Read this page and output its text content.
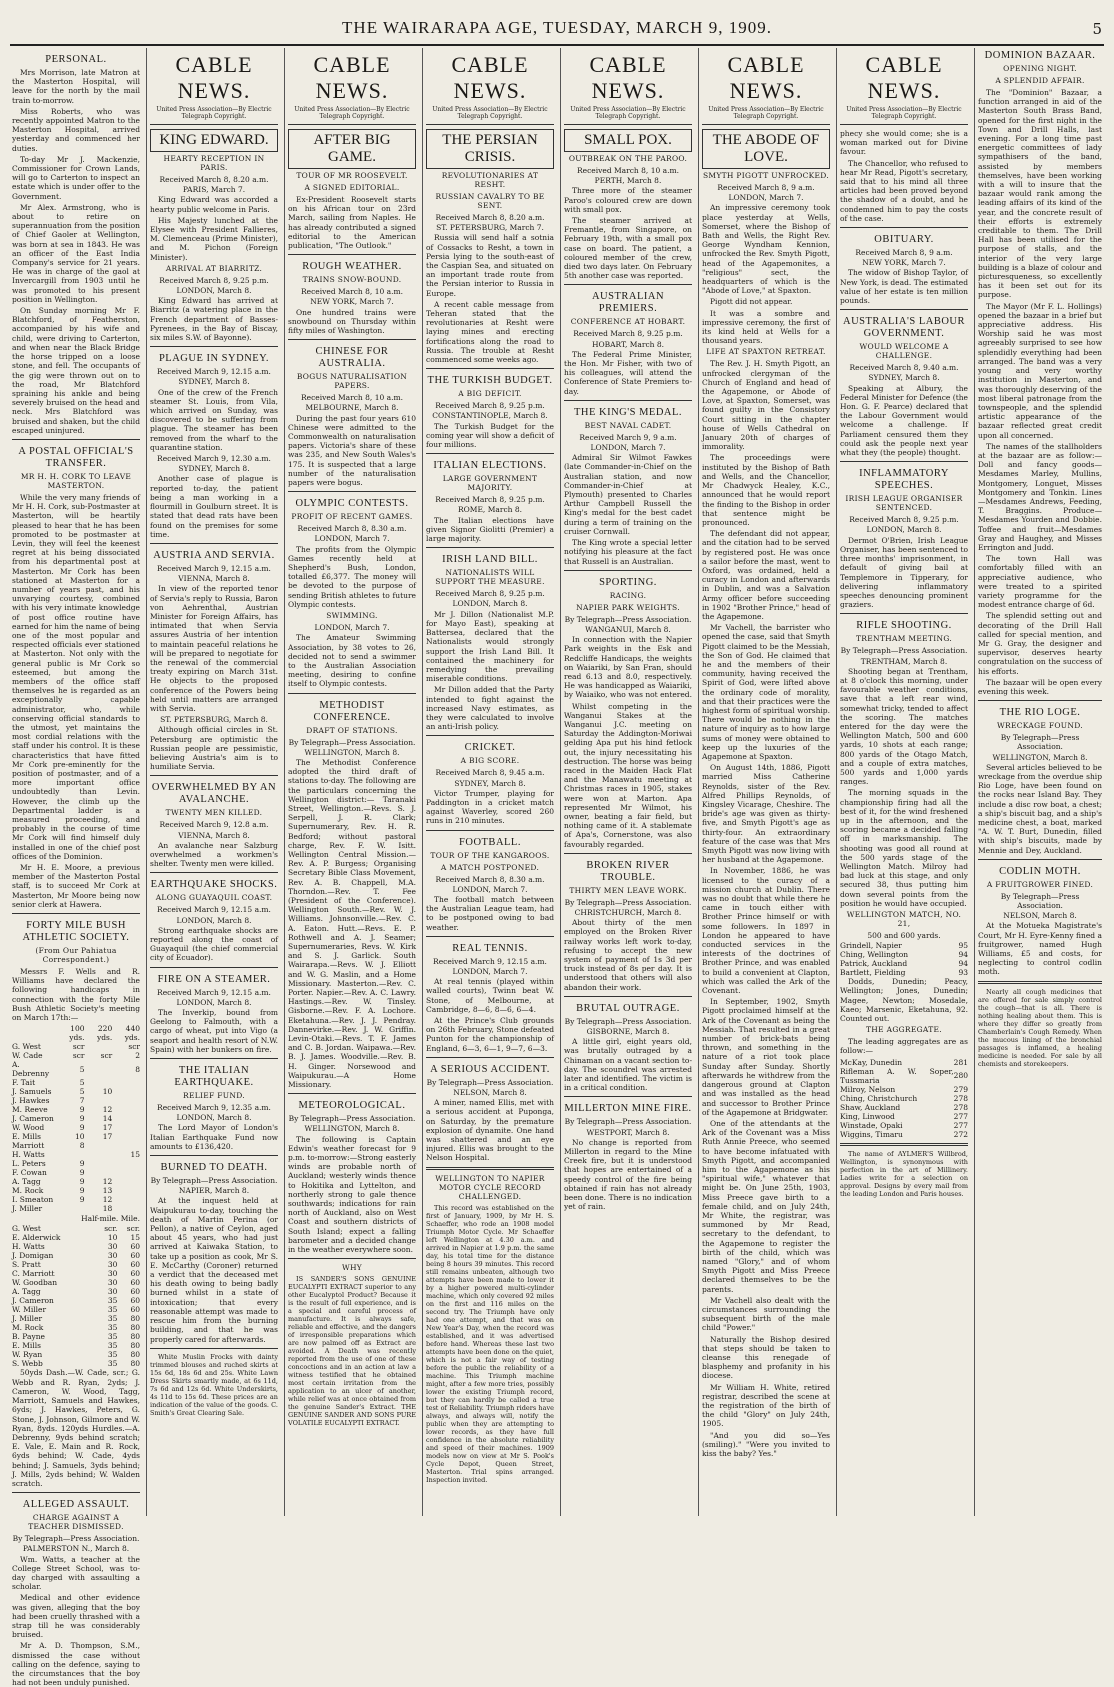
THE WAIRARAPA AGE, TUESDAY, MARCH 9, 1909.	5
PERSONAL.

Mrs Morrison, late Matron at the Masterton Hospital, will leave for the north by the mail train to-morrow.

Miss Roberts, who was recently appointed Matron to the Masterton Hospital, arrived yesterday and commenced her duties.

To-day Mr J. Mackenzie, Commissioner for Crown Lands, will go to Carterton to inspect an estate which is under offer to the Government.

Mr Alex. Armstrong, who is about to retire on superannuation from the position of Chief Gaoler at Wellington, was born at sea in 1843. He was an officer of the East India Company's service for 21 years. He was in charge of the gaol at Invercargill from 1903 until he was promoted to his present position in Wellington.

On Sunday morning Mr F. Blatchford, of Featherston, accompanied by his wife and child, were driving to Carterton, and when near the Black Bridge the horse tripped on a loose stone, and fell. The occupants of the gig were thrown out on to the road, Mr Blatchford spraining his ankle and being severely bruised on the head and neck. Mrs Blatchford was bruised and shaken, but the child escaped uninjured.

A POSTAL OFFICIAL'S TRANSFER.
MR H. H. CORK TO LEAVE MASTERTON.

While the very many friends of Mr H. H. Cork, sub-Postmaster at Masterton, will be heartily pleased to hear that he has been promoted to be postmaster at Levin, they will feel the keenest regret at his being dissociated from his departmental post at Masterton. Mr Cork has been stationed at Masterton for a number of years past, and his unvarying courtesy, combined with his very intimate knowledge of post office routine have earned for him the name of being one of the most popular and respected officials ever stationed at Masterton. Not only with the general public is Mr Cork so esteemed, but among the members of the office staff themselves he is regarded as an exceptionally capable administrator, who, while conserving official standards to the utmost, yet maintains the most cordial relations with the staff under his control. It is these characteristics that have fitted Mr Cork pre-eminently for the position of postmaster, and of a more important office undoubtedly than Levin. However, the climb up the Departmental ladder is a measured proceeding, and probably in the course of time Mr Cork will find himself duly installed in one of the chief post offices of the Dominion.

Mr H. E. Moore, a previous member of the Masterton Postal staff, is to succeed Mr Cork at Masterton, Mr Moore being now senior clerk at Hawera.

FORTY MILE BUSH ATHLETIC SOCIETY.
(From Our Pahiatua Correspondent.)

Messrs F. Wells and R. Williams have declared the following handicaps in connection with the forty Mile Bush Athletic Society's meeting on March 17th:—

	100 yds.	220 yds.	440 yds.
G. West	scr		scr
W. Cade	scr	scr	2
A. Debrenny	5		8
F. Tait	5		
J. Samuels	5	10	
J. Hawkes	7		
M. Reeve	9	12	
J. Cameron	9	14	
W. Wood	9	17	
E. Mills	10	17	
Marriott	8		
H. Watts			15
L. Peters	9		
F. Cowan	9		
A. Tagg	9	12	
M. Rock	9	13	
I. Smeaton	9	12	
J. Miller		18	
Half-mile. Mile.
G. West	scr.	scr.
E. Alderwick	10	15
H. Watts	30	60
J. Domigan	30	60
S. Pratt	30	60
C. Marriott	30	60
W. Goodban	30	60
A. Tagg	30	60
J. Cameron	35	60
W. Miller	35	60
J. Miller	35	80
M. Rock	35	80
B. Payne	35	80
E. Mills	35	80
W. Ryan	35	80
S. Webb	35	80

50yds Dash.—W. Cade, scr.; G. Webb and R. Ryan, 2yds; J. Cameron, W. Wood, Tagg, Marriott, Samuels and Hawkes, 6yds; J. Hawkes, Peters, G. Stone, J. Johnson, Gilmore and W. Ryan, 8yds. 120yds Hurdles.—A. Debrenny, 9yds behind scratch; E. Vale, E. Main and R. Rock, 6yds behind; W. Cade, 4yds behind; J. Samuels, 3yds behind; J. Mills, 2yds behind; W. Walden scratch.

ALLEGED ASSAULT.
CHARGE AGAINST A TEACHER DISMISSED.
By Telegraph—Press Association.
PALMERSTON N., March 8.

Wm. Watts, a teacher at the College Street School, was to-day charged with assaulting a scholar.

Medical and other evidence was given, alleging that the boy had been cruelly thrashed with a strap till he was considerably bruised.

Mr A. D. Thompson, S.M., dismissed the case without calling on the defence, saying to the circumstances that the boy had not been unduly punished.

CABLE NEWS.
United Press Association—By Electric Telegraph Copyright.
KING EDWARD.
HEARTY RECEPTION IN PARIS.
Received March 8, 8.20 a.m.
PARIS, March 7.

King Edward was accorded a hearty public welcome in Paris.

His Majesty lunched at the Elysee with President Fallieres, M. Clemenceau (Prime Minister), and M. Pichon (Foreign Minister).

ARRIVAL AT BIARRITZ.
Received March 8, 9.25 p.m.
LONDON, March 8.

King Edward has arrived at Biarritz (a watering place in the French department of Basses-Pyrenees, in the Bay of Biscay, six miles S.W. of Bayonne).

PLAGUE IN SYDNEY.
Received March 9, 12.15 a.m.
SYDNEY, March 8.

One of the crew of the French steamer St. Louis, from Vila, which arrived on Sunday, was discovered to be suffering from plague. The steamer has been removed from the wharf to the quarantine station.

Received March 9, 12.30 a.m.
SYDNEY, March 8.

Another case of plague is reported to-day, the patient being a man working in a flourmill in Goulburn street. It is stated that dead rats have been found on the premises for some time.

AUSTRIA AND SERVIA.
Received March 9, 12.15 a.m.
VIENNA, March 8.

In view of the reported tenor of Servia's reply to Russia, Baron von Aehrenthal, Austrian Minister for Foreign Affairs, has intimated that when Servia assures Austria of her intention to maintain peaceful relations he will be prepared to negotiate for the renewal of the commercial treaty expiring on March 31st. He objects to the proposed conference of the Powers being held until matters are arranged with Servia.

ST. PETERSBURG, March 8.

Although official circles in St. Petersburg are optimistic the Russian people are pessimistic, believing Austria's aim is to humiliate Servia.

OVERWHELMED BY AN AVALANCHE.
TWENTY MEN KILLED.
Received March 9, 12.8 a.m.
VIENNA, March 8.

An avalanche near Salzburg overwhelmed a workmen's shelter. Twenty men were killed.

EARTHQUAKE SHOCKS.
ALONG GUAYAQUIL COAST.
Received March 9, 12.15 a.m.
LONDON, March 8.

Strong earthquake shocks are reported along the coast of Guayaquil (the chief commercial city of Ecuador).

FIRE ON A STEAMER.
Received March 9, 12.15 a.m.
LONDON, March 8.

The Inverkip, bound from Geelong to Falmouth, with a cargo of wheat, put into Vigo (a seaport and health resort of N.W. Spain) with her bunkers on fire.

THE ITALIAN EARTHQUAKE.
RELIEF FUND.
Received March 9, 12.35 a.m.
LONDON, March 8.

The Lord Mayor of London's Italian Earthquake Fund now amounts to £136,420.

BURNED TO DEATH.
By Telegraph—Press Association.
NAPIER, March 8.

At the inquest held at Waipukurau to-day, touching the death of Martin Perina (or Pellon), a native of Ceylon, aged about 45 years, who had just arrived at Kaiwaka Station, to take up a position as cook, Mr S. E. McCarthy (Coroner) returned a verdict that the deceased met his death owing to being badly burned whilst in a state of intoxication; that every reasonable attempt was made to rescue him from the burning building, and that he was properly cared for afterwards.

White Muslin Frocks with dainty trimmed blouses and ruched skirts at 15s 6d, 18s 6d and 25s. White Lawn Dress Skirts smartly made, at 6s 11d, 7s 6d and 12s 6d. White Underskirts, 4s 11d to 15s 6d. These prices are an indication of the value of the goods. C. Smith's Great Clearing Sale.

CABLE NEWS.
United Press Association—By Electric Telegraph Copyright.
AFTER BIG GAME.
TOUR OF MR ROOSEVELT.
A SIGNED EDITORIAL.

Ex-President Roosevelt starts on his African tour on 23rd March, sailing from Naples. He has already contributed a signed editorial to the American publication, "The Outlook."

ROUGH WEATHER.
TRAINS SNOW-BOUND.
Received March 8, 10 a.m.
NEW YORK, March 7.

One hundred trains were snowbound on Thursday within fifty miles of Washington.

CHINESE FOR AUSTRALIA.
BOGUS NATURALISATION PAPERS.
Received March 8, 10 a.m.
MELBOURNE, March 8.

During the past four years 610 Chinese were admitted to the Commonwealth on naturalisation papers. Victoria's share of these was 235, and New South Wales's 175. It is suspected that a large number of the naturalisation papers were bogus.

OLYMPIC CONTESTS.
PROFIT OF RECENT GAMES.
Received March 8, 8.30 a.m.
LONDON, March 7.

The profits from the Olympic Games recently held at Shepherd's Bush, London, totalled £6,377. The money will be devoted to the purpose of sending British athletes to future Olympic contests.

SWIMMING.
LONDON, March 7.

The Amateur Swimming Association, by 38 votes to 26, decided not to send a swimmer to the Australian Association meeting, desiring to confine itself to Olympic contests.

METHODIST CONFERENCE.
DRAFT OF STATIONS.
By Telegraph—Press Association.
WELLINGTON, March 8.

The Methodist Conference adopted the third draft of stations to-day. The following are the particulars concerning the Wellington district:— Taranaki Street, Wellington.—Revs. S. J. Serpell, J. R. Clark; Supernumerary, Rev. H. R. Bedford; without pastoral charge, Rev. F. W. Isitt. Wellington Central Mission.—Rev. A. P. Burgess; Organising Secretary Bible Class Movement, Rev. A. B. Chappell, M.A. Thorndon.—Rev. T. Fee (President of the Conference). Wellington South.—Rev. W. J. Williams. Johnsonville.—Rev. C. A. Eaton. Hutt.—Revs. E. P. Rothwell and A. J. Seamer; Supernumeraries, Revs. W. Kirk and S. J. Garlick. South Wairarapa.—Revs. W. J. Elliott and W. G. Maslin, and a Home Missionary. Masterton.—Rev. C. Porter. Napier.—Rev. A. C. Lawry. Hastings.—Rev. W. Tinsley. Gisborne.—Rev. F. A. Lochore. Eketahuna.—Rev. J. J. Pendray. Dannevirke.—Rev. J. W. Griffin. Levin-Otaki.—Revs. T. F. James and C. B. Jordan. Waipawa.—Rev. B. J. James. Woodville.—Rev. B. H. Ginger. Norsewood and Waipukurau.—A Home Missionary.

METEOROLOGICAL.
By Telegraph—Press Association.
WELLINGTON, March 8.

The following is Captain Edwin's weather forecast for 9 p.m. to-morrow:—Strong easterly winds are probable north of Auckland; westerly winds thence to Hokitika and Lyttelton, and northerly strong to gale thence southwards; indications for rain north of Auckland, also on West Coast and southern districts of South Island; expect a falling barometer and a decided change in the weather everywhere soon.

WHY

IS SANDER'S SONS GENUINE EUCALYPTI EXTRACT superior to any other Eucalyptol Product? Because it is the result of full experience, and is a special and careful process of manufacture. It is always safe, reliable and effective, and the dangers of irresponsible preparations which are now palmed off as Extract are avoided. A Death was recently reported from the use of one of these concoctions and in an action at law a witness testified that he obtained most certain irritation from the application to an ulcer of another, while relief was at once obtained from the genuine Sander's Extract. THE GENUINE SANDER AND SONS PURE VOLATILE EUCALYPTI EXTRACT.

CABLE NEWS.
United Press Association—By Electric Telegraph Copyright.
THE PERSIAN CRISIS.
REVOLUTIONARIES AT RESHT.
RUSSIAN CAVALRY TO BE SENT.
Received March 8, 8.20 a.m.
ST. PETERSBURG, March 7.

Russia will send half a sotnia of Cossacks to Resht, a town in Persia lying to the south-east of the Caspian Sea, and situated on an important trade route from the Persian interior to Russia in Europe.

A recent cable message from Teheran stated that the revolutionaries at Resht were laying mines and erecting fortifications along the road to Russia. The trouble at Resht commenced some weeks ago.

THE TURKISH BUDGET.
A BIG DEFICIT.
Received March 8, 9.25 p.m.
CONSTANTINOPLE, March 8.

The Turkish Budget for the coming year will show a deficit of four millions.

ITALIAN ELECTIONS.
LARGE GOVERNMENT MAJORITY.
Received March 8, 9.25 p.m.
ROME, March 8.

The Italian elections have given Signor Giolitti (Premier) a large majority.

IRISH LAND BILL.
NATIONALISTS WILL SUPPORT THE MEASURE.
Received March 8, 9.25 p.m.
LONDON, March 8.

Mr J. Dillon (Nationalist M.P. for Mayo East), speaking at Battersea, declared that the Nationalists would strongly support the Irish Land Bill. It contained the machinery for remedying the prevailing miserable conditions.

Mr Dillon added that the Party intended to fight against the increased Navy estimates, as they were calculated to involve an anti-Irish policy.

CRICKET.
A BIG SCORE.
Received March 8, 9.45 a.m.
SYDNEY, March 8.

Victor Trumper, playing for Paddington in a cricket match against Waverley, scored 260 runs in 210 minutes.

FOOTBALL.
TOUR OF THE KANGAROOS.
A MATCH POSTPONED.
Received March 8, 8.30 a.m.
LONDON, March 7.

The football match between the Australian League team, had to be postponed owing to bad weather.

REAL TENNIS.
Received March 9, 12.15 a.m.
LONDON, March 7.

At real tennis (played within walled courts), Twinn beat W. Stone, of Melbourne, at Cambridge, 8—6, 8—6, 6—4.

At the Prince's Club grounds on 26th February, Stone defeated Punton for the championship of England, 6—3, 6—1, 9—7, 6—3.

A SERIOUS ACCIDENT.
By Telegraph—Press Association.
NELSON, March 8.

A miner, named Ellis, met with a serious accident at Puponga, on Saturday, by the premature explosion of dynamite. One hand was shattered and an eye injured. Ellis was brought to the Nelson Hospital.

WELLINGTON TO NAPIER MOTOR CYCLE RECORD CHALLENGED.

This record was established on the first of January, 1909, by Mr H. S. Schaeffer, who rode an 1908 model Triumph Motor Cycle. Mr Schaeffer left Wellington at 4.30 a.m. and arrived in Napier at 1.9 p.m. the same day, his total time for the distance being 8 hours 39 minutes. This record still remains unbeaten, although two attempts have been made to lower it by a higher powered multi-cylinder machine, which only covered 92 miles on the first and 116 miles on the second try. The Triumph have only had one attempt, and that was on New Year's Day, when the record was established, and it was advertised before hand. Whereas these last two attempts have been done on the quiet, which is not a fair way of testing before the public the reliability of a machine. This Triumph machine might, after a few more tries, possibly lower the existing Triumph record, but they can hardly be called a true test of Reliability. Triumph riders have always, and always will, notify the public when they are attempting to lower records, as they have full confidence in the absolute reliability and speed of their machines. 1909 models now on view at Mr S. Pook's Cycle Depot, Queen Street, Masterton. Trial spins arranged. Inspection invited.

CABLE NEWS.
United Press Association—By Electric Telegraph Copyright.
SMALL POX.
OUTBREAK ON THE PAROO.
Received March 8, 10 a.m.
PERTH, March 8.

Three more of the steamer Paroo's coloured crew are down with small pox.

The steamer arrived at Fremantle, from Singapore, on February 19th, with a small pox case on board. The patient, a coloured member of the crew, died two days later. On February 5th another case was reported.

AUSTRALIAN PREMIERS.
CONFERENCE AT HOBART.
Received March 8, 9.25 p.m.
HOBART, March 8.

The Federal Prime Minister, the Hon. Mr Fisher, with two of his colleagues, will attend the Conference of State Premiers to-day.

THE KING'S MEDAL.
BEST NAVAL CADET.
Received March 9, 9 a.m.
LONDON, March 7.

Admiral Sir Wilmot Fawkes (late Commander-in-Chief on the Australian station, and now Commander-in-Chief at Plymouth) presented to Charles Arthur Campbell Russell the King's medal for the best cadet during a term of training on the cruiser Cornwall.

The King wrote a special letter notifying his pleasure at the fact that Russell is an Australian.

SPORTING.
RACING.
NAPIER PARK WEIGHTS.
By Telegraph—Press Association.
WANGANUI, March 8.

In connection with the Napier Park weights in the Esk and Redcliffe Handicaps, the weights on Waiariki, by San Fran, should read 6.13 and 8.0, respectively. He was handicapped as Waiariki, by Waiaiko, who was not entered.

Whilst competing in the Wanganui Stakes at the Wanganui J.C. meeting on Saturday the Addington-Moriwai gelding Apa put his hind fetlock out, the injury necessitating his destruction. The horse was being raced in the Maiden Hack Flat and the Manawatu meeting at Christmas races in 1905, stakes were won at Marton. Apa represented Mr Wilmot, his owner, beating a fair field, but nothing came of it. A stablemate of Apa's, Cornerstone, was also favourably regarded.

BROKEN RIVER TROUBLE.
THIRTY MEN LEAVE WORK.
By Telegraph—Press Association.
CHRISTCHURCH, March 8.

About thirty of the men employed on the Broken River railway works left work to-day, refusing to accept the new system of payment of 1s 3d per truck instead of 8s per day. It is understood that others will also abandon their work.

BRUTAL OUTRAGE.
By Telegraph—Press Association.
GISBORNE, March 8.

A little girl, eight years old, was brutally outraged by a Chinaman on a vacant section to-day. The scoundrel was arrested later and identified. The victim is in a critical condition.

MILLERTON MINE FIRE.
By Telegraph—Press Association.
WESTPORT, March 8.

No change is reported from Millerton in regard to the Mine Creek fire, but it is understood that hopes are entertained of a speedy control of the fire being obtained if rain has not already been done. There is no indication yet of rain.

CABLE NEWS.
United Press Association—By Electric Telegraph Copyright.
THE ABODE OF LOVE.
SMYTH PIGOTT UNFROCKED.
Received March 8, 9 a.m.
LONDON, March 7.

An impressive ceremony took place yesterday at Wells, Somerset, where the Bishop of Bath and Wells, the Right Rev. George Wyndham Kennion, unfrocked the Rev. Smyth Pigott, head of the Agapemonites, a "religious" sect, the headquarters of which is the "Abode of Love," at Spaxton.

Pigott did not appear.

It was a sombre and impressive ceremony, the first of its kind held at Wells for a thousand years.

LIFE AT SPAXTON RETREAT.

The Rev. J. H. Smyth Pigott, an unfrocked clergyman of the Church of England and head of the Agapemone, or Abode of Love, at Spaxton, Somerset, was found guilty in the Consistory Court sitting in the chapter house of Wells Cathedral on January 20th of charges of immorality.

The proceedings were instituted by the Bishop of Bath and Wells, and the Chancellor, Mr Chadwyck Healey, K.C., announced that he would report the finding to the Bishop in order that sentence might be pronounced.

The defendant did not appear, and the citation had to be served by registered post. He was once a sailor before the mast, went to Oxford, was ordained, held a curacy in London and afterwards in Dublin, and was a Salvation Army officer before succeeding in 1902 "Brother Prince," head of the Agapemone.

Mr Vachell, the barrister who opened the case, said that Smyth Pigott claimed to be the Messiah, the Son of God. He claimed that he and the members of their community, having received the Spirit of God, were lifted above the ordinary code of morality, and that their practices were the highest form of spiritual worship. There would be nothing in the nature of inquiry as to how large sums of money were obtained to keep up the luxuries of the Agapemone at Spaxton.

On August 14th, 1886, Pigott married Miss Catherine Reynolds, sister of the Rev. Alfred Phillips Reynolds, of Kingsley Vicarage, Cheshire. The bride's age was given as thirty-five, and Smyth Pigott's age as thirty-four. An extraordinary feature of the case was that Mrs Smyth Pigott was now living with her husband at the Agapemone.

In November, 1886, he was licensed to the curacy of a mission church at Dublin. There was no doubt that while there he came in touch either with Brother Prince himself or with some followers. In 1897 in London he appeared to have conducted services in the interests of the doctrines of Brother Prince, and was enabled to build a convenient at Clapton, which was called the Ark of the Covenant.

In September, 1902, Smyth Pigott proclaimed himself at the Ark of the Covenant as being the Messiah. That resulted in a great number of brick-bats being thrown, and something in the nature of a riot took place Sunday after Sunday. Shortly afterwards he withdrew from the dangerous ground at Clapton and was installed as the head and successor to Brother Prince of the Agapemone at Bridgwater.

One of the attendants at the Ark of the Covenant was a Miss Ruth Annie Preece, who seemed to have become infatuated with Smyth Pigott, and accompanied him to the Agapemone as his "spiritual wife," whatever that might be. On June 25th, 1903, Miss Preece gave birth to a female child, and on July 24th, Mr White, the registrar, was summoned by Mr Read, secretary to the defendant, to the Agapemone to register the birth of the child, which was named "Glory," and of whom Smyth Pigott and Miss Preece declared themselves to be the parents.

Mr Vachell also dealt with the circumstances surrounding the subsequent birth of the male child "Power."

Naturally the Bishop desired that steps should be taken to cleanse this renegade of blasphemy and profanity in his diocese.

Mr William H. White, retired registrar, described the scene at the registration of the birth of the child "Glory" on July 24th, 1905.

"And you did so—Yes (smiling)." "Were you invited to kiss the baby? Yes."

CABLE NEWS.
United Press Association—By Electric Telegraph Copyright.

phecy she would come; she is a woman marked out for Divine favour.

The Chancellor, who refused to hear Mr Read, Pigott's secretary, said that to his mind all three articles had been proved beyond the shadow of a doubt, and he condemned him to pay the costs of the case.

OBITUARY.
Received March 8, 9 a.m.
NEW YORK, March 7.

The widow of Bishop Taylor, of New York, is dead. The estimated value of her estate is ten million pounds.

AUSTRALIA'S LABOUR GOVERNMENT.
WOULD WELCOME A CHALLENGE.
Received March 8, 9.40 a.m.
SYDNEY, March 8.

Speaking at Albury, the Federal Minister for Defence (the Hon. G. F. Pearce) declared that the Labour Government would welcome a challenge. If Parliament censured them they could ask the people next year what they (the people) thought.

INFLAMMATORY SPEECHES.
IRISH LEAGUE ORGANISER SENTENCED.
Received March 8, 9.25 p.m.
LONDON, March 8.

Dermot O'Brien, Irish League Organiser, has been sentenced to three months' imprisonment, in default of giving bail at Templemore in Tipperary, for delivering inflammatory speeches denouncing prominent graziers.

RIFLE SHOOTING.
TRENTHAM MEETING.
By Telegraph—Press Association.
TRENTHAM, March 8.

Shooting began at Trentham, at 8 o'clock this morning, under favourable weather conditions, save that a left rear wind, somewhat tricky, tended to affect the scoring. The matches entered for the day were the Wellington Match, 500 and 600 yards, 10 shots at each range; 800 yards of the Otago Match, and a couple of extra matches, 500 yards and 1,000 yards ranges.

The morning squads in the championship firing had all the best of it, for the wind freshened up in the afternoon, and the scoring became a decided falling off in marksmanship. The shooting was good all round at the 500 yards stage of the Wellington Match. Milroy had bad luck at this stage, and only secured 38, thus putting him down several points from the position he would have occupied.

WELLINGTON MATCH, NO. 21,
500 and 600 yards.
Grindell, Napier	95
Ching, Wellington	94
Patrick, Auckland	94
Bartlett, Fielding	93

Dodds, Dunedin; Peacy, Wellington; Jones, Dunedin; Magee, Newton; Mosedale, Kaeo; Marsenic, Eketahuna, 92. Counted out.

THE AGGREGATE.

The leading aggregates are as follow:—

McKay, Dunedin	281
Rifleman A. W. Soper, Tussmaria	280
Milroy, Nelson	279
Ching, Christchurch	278
Shaw, Auckland	278
King, Linwood	277
Winstade, Opaki	277
Wiggins, Timaru	272

The name of AYLMER'S Willbrod, Wellington, is synonymous with perfection in the art of Millinery. Ladies write for a selection on approval. Designs by every mail from the leading London and Paris houses.

DOMINION BAZAAR.
OPENING NIGHT.
A SPLENDID AFFAIR.

The "Dominion" Bazaar, a function arranged in aid of the Masterton South Brass Band, opened for the first night in the Town and Drill Halls, last evening. For a long time past energetic committees of lady sympathisers of the band, assisted by members themselves, have been working with a will to insure that the bazaar would rank among the leading affairs of its kind of the year, and the concrete result of their efforts is extremely creditable to them. The Drill Hall has been utilised for the purpose of stalls, and the interior of the very large building is a blaze of colour and picturesqueness, so excellently has it been set out for its purpose.

The Mayor (Mr F. L. Hollings) opened the bazaar in a brief but appreciative address. His Worship said he was most agreeably surprised to see how splendidly everything had been arranged. The band was a very young and very worthy institution in Masterton, and was thoroughly deserving of the most liberal patronage from the townspeople, and the splendid artistic appearance of the bazaar reflected great credit upon all concerned.

The names of the stallholders at the bazaar are as follow:—Doll and fancy goods—Mesdames Marley, Mullins, Montgomery, Longuet, Misses Montgomery and Tonkin. Lines—Mesdames Andrews, Feeding, T. Braggins. Produce—Mesdames Yourden and Dobbie. Toffee and fruit—Mesdames Gray and Haughey, and Misses Errington and Judd.

The town Hall was comfortably filled with an appreciative audience, who were treated to a spirited variety programme for the modest entrance charge of 6d.

The splendid setting out and decorating of the Drill Hall called for special mention, and Mr G. Gray, the designer and supervisor, deserves hearty congratulation on the success of his efforts.

The bazaar will be open every evening this week.

THE RIO LOGE.
WRECKAGE FOUND.
By Telegraph—Press Association.
WELLINGTON, March 8.

Several articles believed to be wreckage from the overdue ship Rio Loge, have been found on the rocks near Island Bay. They include a disc row boat, a chest; a ship's biscuit bag, and a ship's medicine chest, a boat, marked "A. W. T. Burt, Dunedin, filled with ship's biscuits, made by Mennie and Dey, Auckland.

CODLIN MOTH.
A FRUITGROWER FINED.
By Telegraph—Press Association.
NELSON, March 8.

At the Motueka Magistrate's Court, Mr H. Eyre-Kenny fined a fruitgrower, named Hugh Williams, £5 and costs, for neglecting to control codlin moth.

Nearly all cough medicines that are offered for sale simply control the cough—that is all. There is nothing healing about them. This is where they differ so greatly from Chamberlain's Cough Remedy. When the mucous lining of the bronchial passages is inflamed, a healing medicine is needed. For sale by all chemists and storekeepers.
